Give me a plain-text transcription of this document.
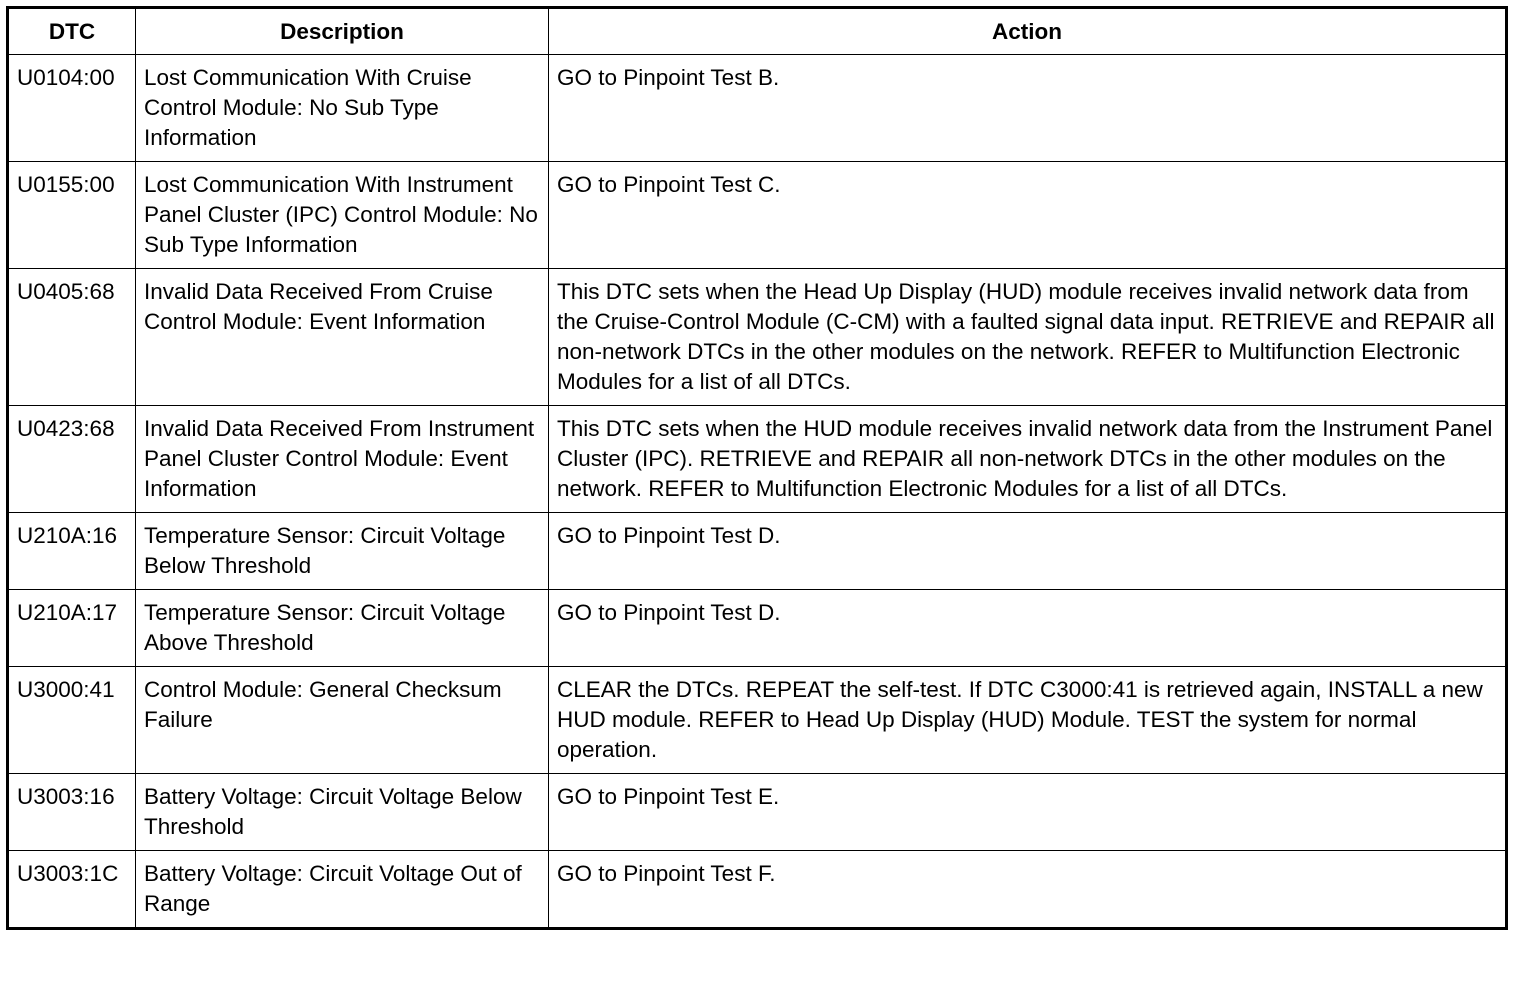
DTC	Description	Action
U0104:00	Lost Communication With Cruise Control Module: No Sub Type Information	GO to Pinpoint Test B.
U0155:00	Lost Communication With Instrument Panel Cluster (IPC) Control Module: No Sub Type Information	GO to Pinpoint Test C.
U0405:68	Invalid Data Received From Cruise Control Module: Event Information	This DTC sets when the Head Up Display (HUD) module receives invalid network data from the Cruise-Control Module (C-CM) with a faulted signal data input. RETRIEVE and REPAIR all non-network DTCs in the other modules on the network. REFER to Multifunction Electronic Modules for a list of all DTCs.
U0423:68	Invalid Data Received From Instrument Panel Cluster Control Module: Event Information	This DTC sets when the HUD module receives invalid network data from the Instrument Panel Cluster (IPC). RETRIEVE and REPAIR all non-network DTCs in the other modules on the network. REFER to Multifunction Electronic Modules for a list of all DTCs.
U210A:16	Temperature Sensor: Circuit Voltage Below Threshold	GO to Pinpoint Test D.
U210A:17	Temperature Sensor: Circuit Voltage Above Threshold	GO to Pinpoint Test D.
U3000:41	Control Module: General Checksum Failure	CLEAR the DTCs. REPEAT the self-test. If DTC C3000:41 is retrieved again, INSTALL a new HUD module. REFER to Head Up Display (HUD) Module. TEST the system for normal operation.
U3003:16	Battery Voltage: Circuit Voltage Below Threshold	GO to Pinpoint Test E.
U3003:1C	Battery Voltage: Circuit Voltage Out of Range	GO to Pinpoint Test F.
